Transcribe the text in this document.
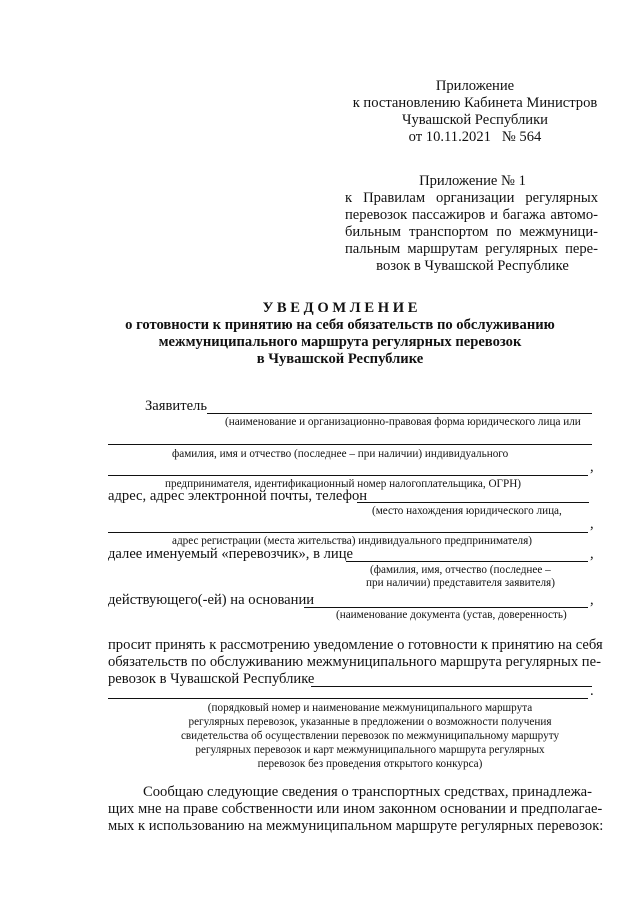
Приложение
к постановлению Кабинета Министров
Чувашской Республики
от 10.11.2021   № 564
Приложение № 1
к Правилам организации регулярных
перевозок пассажиров и багажа автомо-
бильным транспортом по межмуници-
пальным маршрутам регулярных пере-
возок в Чувашской Республике
У В Е Д О М Л Е Н И Е
о готовности к принятию на себя обязательств по обслуживанию
межмуниципального маршрута регулярных перевозок
в Чувашской Республике
Заявитель
(наименование и организационно-правовая форма юридического лица или
фамилия, имя и отчество (последнее – при наличии) индивидуального
,
предпринимателя, идентификационный номер налогоплательщика, ОГРН)
адрес, адрес электронной почты, телефон
(место нахождения юридического лица,
,
адрес регистрации (места жительства) индивидуального предпринимателя)
далее именуемый «перевозчик», в лице	,
(фамилия, имя, отчество (последнее –
при наличии) представителя заявителя)
действующего(-ей) на основании	,
(наименование документа (устав, доверенность)
просит принять к рассмотрению уведомление о готовности к принятию на себя
обязательств по обслуживанию межмуниципального маршрута регулярных пе-
ревозок в Чувашской Республике
.
(порядковый номер и наименование межмуниципального маршрута
регулярных перевозок, указанные в предложении о возможности получения
свидетельства об осуществлении перевозок по межмуниципальному маршруту
регулярных перевозок и карт межмуниципального маршрута регулярных
перевозок без проведения открытого конкурса)
Сообщаю следующие сведения о транспортных средствах, принадлежа-
щих мне на праве собственности или ином законном основании и предполагае-
мых к использованию на межмуниципальном маршруте регулярных перевозок:
